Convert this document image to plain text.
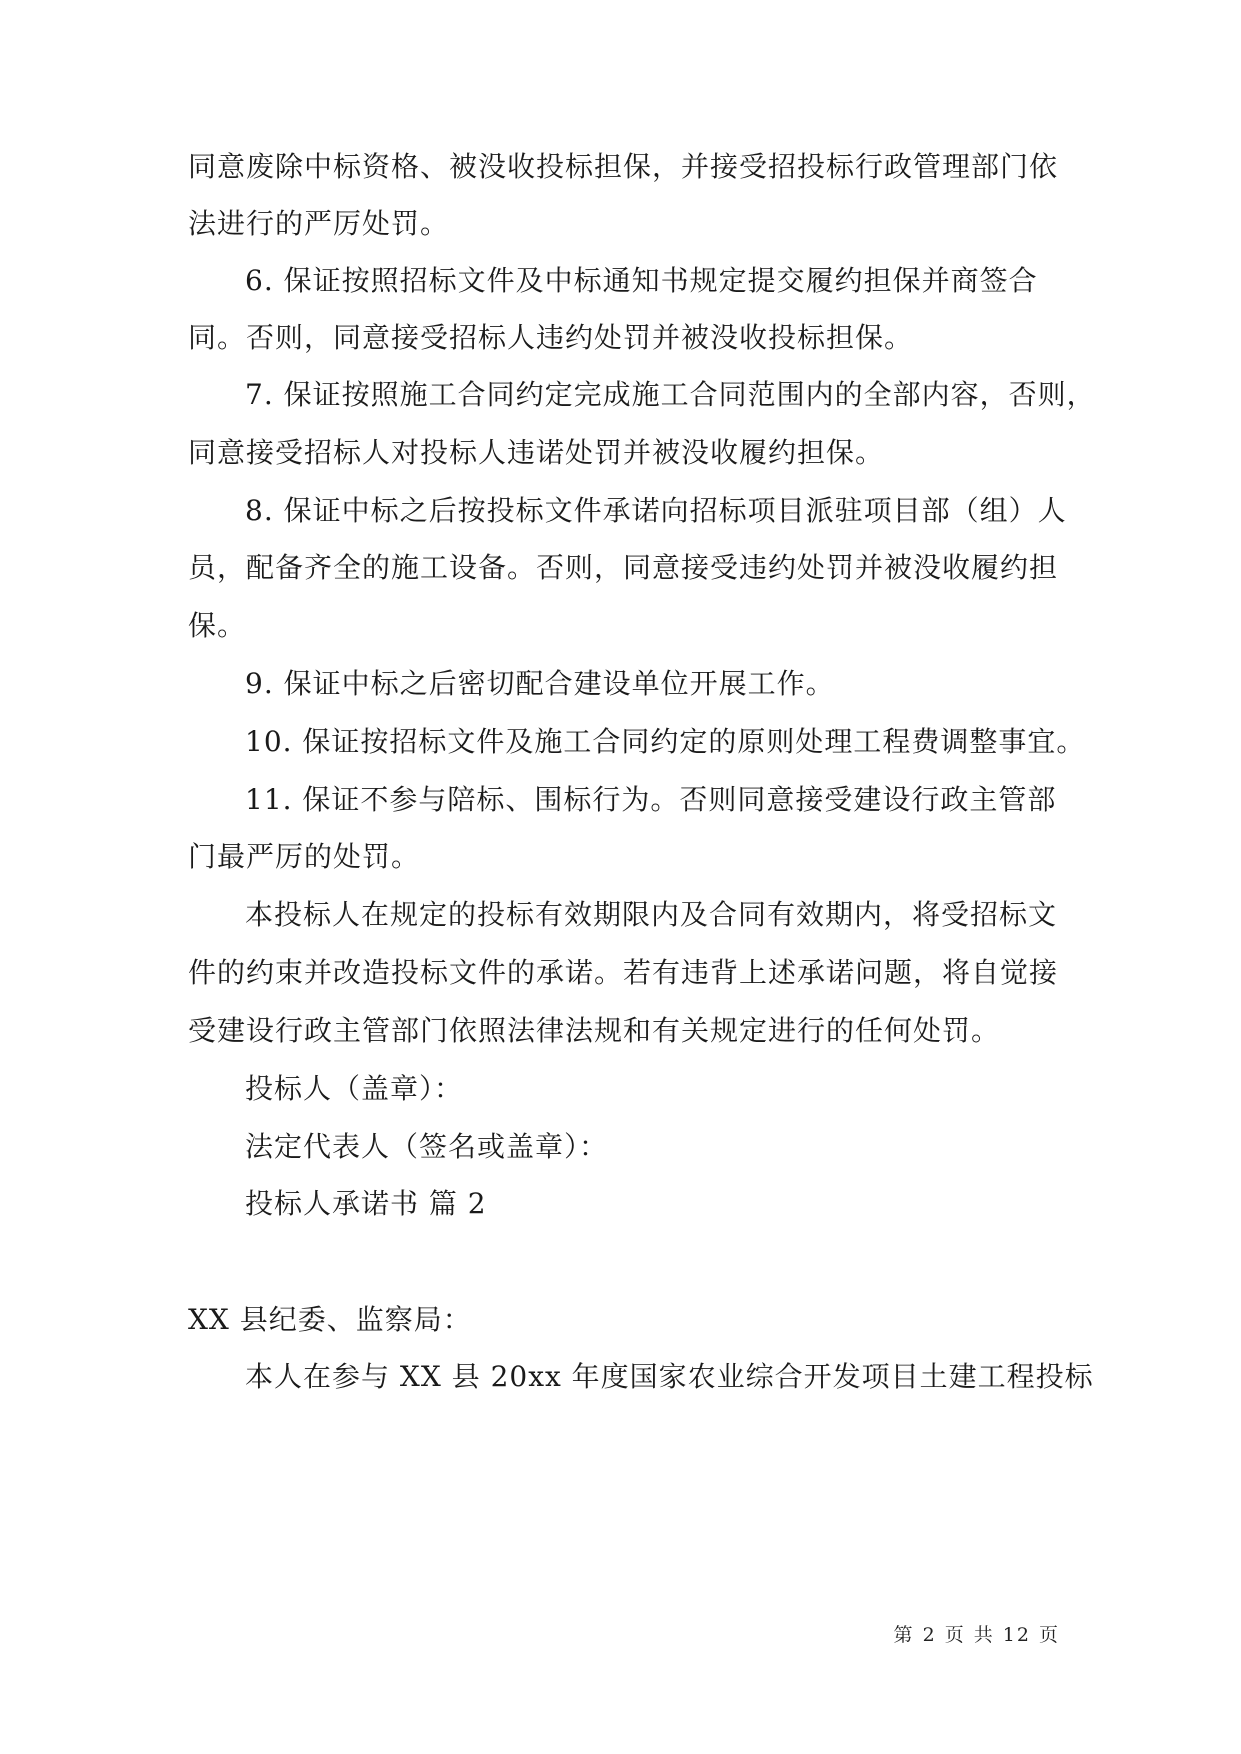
同意废除中标资格、被没收投标担保，并接受招投标行政管理部门依
法进行的严厉处罚。
6. 保证按照招标文件及中标通知书规定提交履约担保并商签合
同。否则，同意接受招标人违约处罚并被没收投标担保。
7. 保证按照施工合同约定完成施工合同范围内的全部内容，否则，
同意接受招标人对投标人违诺处罚并被没收履约担保。
8. 保证中标之后按投标文件承诺向招标项目派驻项目部（组）人
员，配备齐全的施工设备。否则，同意接受违约处罚并被没收履约担
保。
9. 保证中标之后密切配合建设单位开展工作。
10. 保证按招标文件及施工合同约定的原则处理工程费调整事宜。
11. 保证不参与陪标、围标行为。否则同意接受建设行政主管部
门最严厉的处罚。
本投标人在规定的投标有效期限内及合同有效期内，将受招标文
件的约束并改造投标文件的承诺。若有违背上述承诺问题，将自觉接
受建设行政主管部门依照法律法规和有关规定进行的任何处罚。
投标人（盖章）：
法定代表人（签名或盖章）：
投标人承诺书 篇 2
XX 县纪委、监察局：
本人在参与 XX 县 20xx 年度国家农业综合开发项目土建工程投标
第 2 页 共 12 页
